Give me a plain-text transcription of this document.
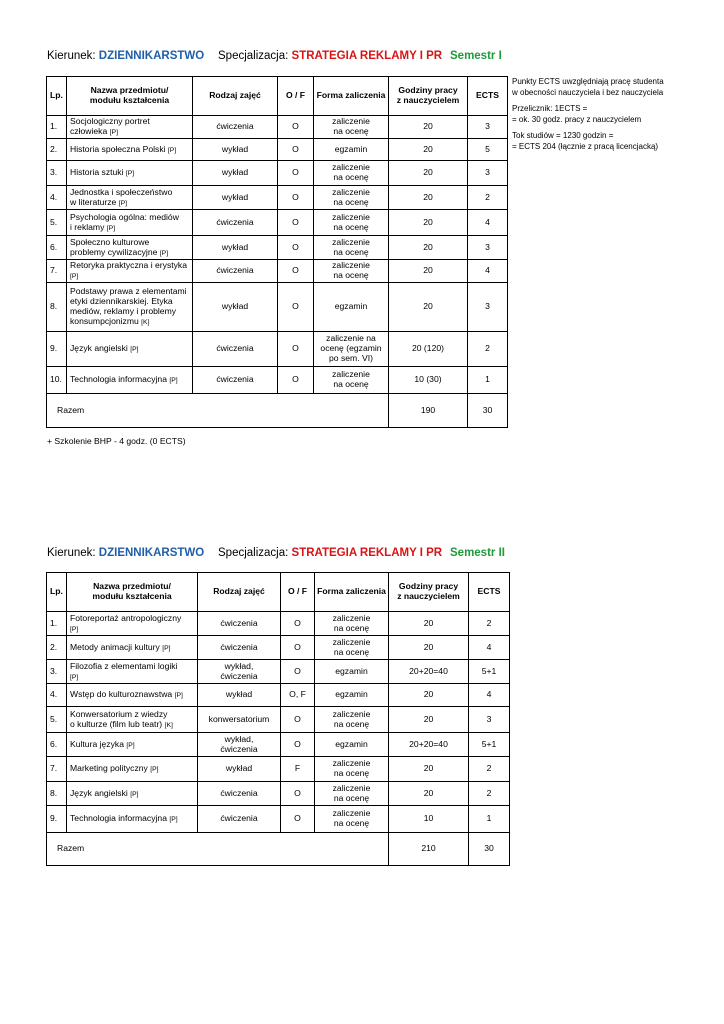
Kierunek: DZIENNIKARSTWO Specjalizacja: STRATEGIA REKLAMY I PR Semestr I
Lp.	Nazwa przedmiotu/
modułu kształcenia	Rodzaj zajęć	O / F	Forma zaliczenia	Godziny pracy
z nauczycielem	ECTS
1.	Socjologiczny portret
człowieka [P]	ćwiczenia	O	zaliczenie
na ocenę	20	3
2.	Historia społeczna Polski [P]	wykład	O	egzamin	20	5
3.	Historia sztuki [P]	wykład	O	zaliczenie
na ocenę	20	3
4.	Jednostka i społeczeństwo
w literaturze [P]	wykład	O	zaliczenie
na ocenę	20	2
5.	Psychologia ogólna: mediów
i reklamy [P]	ćwiczenia	O	zaliczenie
na ocenę	20	4
6.	Społeczno kulturowe
problemy cywilizacyjne [P]	wykład	O	zaliczenie
na ocenę	20	3
7.	Retoryka praktyczna i erystyka
[P]	ćwiczenia	O	zaliczenie
na ocenę	20	4
8.	Podstawy prawa z elementami
etyki dziennikarskiej. Etyka
mediów, reklamy i problemy
konsumpcjonizmu [K]	wykład	O	egzamin	20	3
9.	Język angielski [P]	ćwiczenia	O	zaliczenie na
ocenę (egzamin
po sem. VI)	20 (120)	2
10.	Technologia informacyjna [P]	ćwiczenia	O	zaliczenie
na ocenę	10 (30)	1
Razem					190	30
Punkty ECTS uwzględniają pracę studenta
w obecności nauczyciela i bez nauczyciela

Przelicznik: 1ECTS =
= ok. 30 godz. pracy z nauczycielem

Tok studiów = 1230 godzin =
= ECTS 204 (łącznie z pracą licencjacką)
+ Szkolenie BHP - 4 godz. (0 ECTS)
Kierunek: DZIENNIKARSTWO Specjalizacja: STRATEGIA REKLAMY I PR Semestr II
Lp.	Nazwa przedmiotu/
modułu kształcenia	Rodzaj zajęć	O / F	Forma zaliczenia	Godziny pracy
z nauczycielem	ECTS
1.	Fotoreportaż antropologiczny
[P]	ćwiczenia	O	zaliczenie
na ocenę	20	2
2.	Metody animacji kultury [P]	ćwiczenia	O	zaliczenie
na ocenę	20	4
3.	Filozofia z elementami logiki
[P]	wykład,
ćwiczenia	O	egzamin	20+20=40	5+1
4.	Wstęp do kulturoznawstwa [P]	wykład	O, F	egzamin	20	4
5.	Konwersatorium z wiedzy
o kulturze (film lub teatr) [K]	konwersatorium	O	zaliczenie
na ocenę	20	3
6.	Kultura języka [P]	wykład,
ćwiczenia	O	egzamin	20+20=40	5+1
7.	Marketing polityczny [P]	wykład	F	zaliczenie
na ocenę	20	2
8.	Język angielski [P]	ćwiczenia	O	zaliczenie
na ocenę	20	2
9.	Technologia informacyjna [P]	ćwiczenia	O	zaliczenie
na ocenę	10	1
Razem					210	30
